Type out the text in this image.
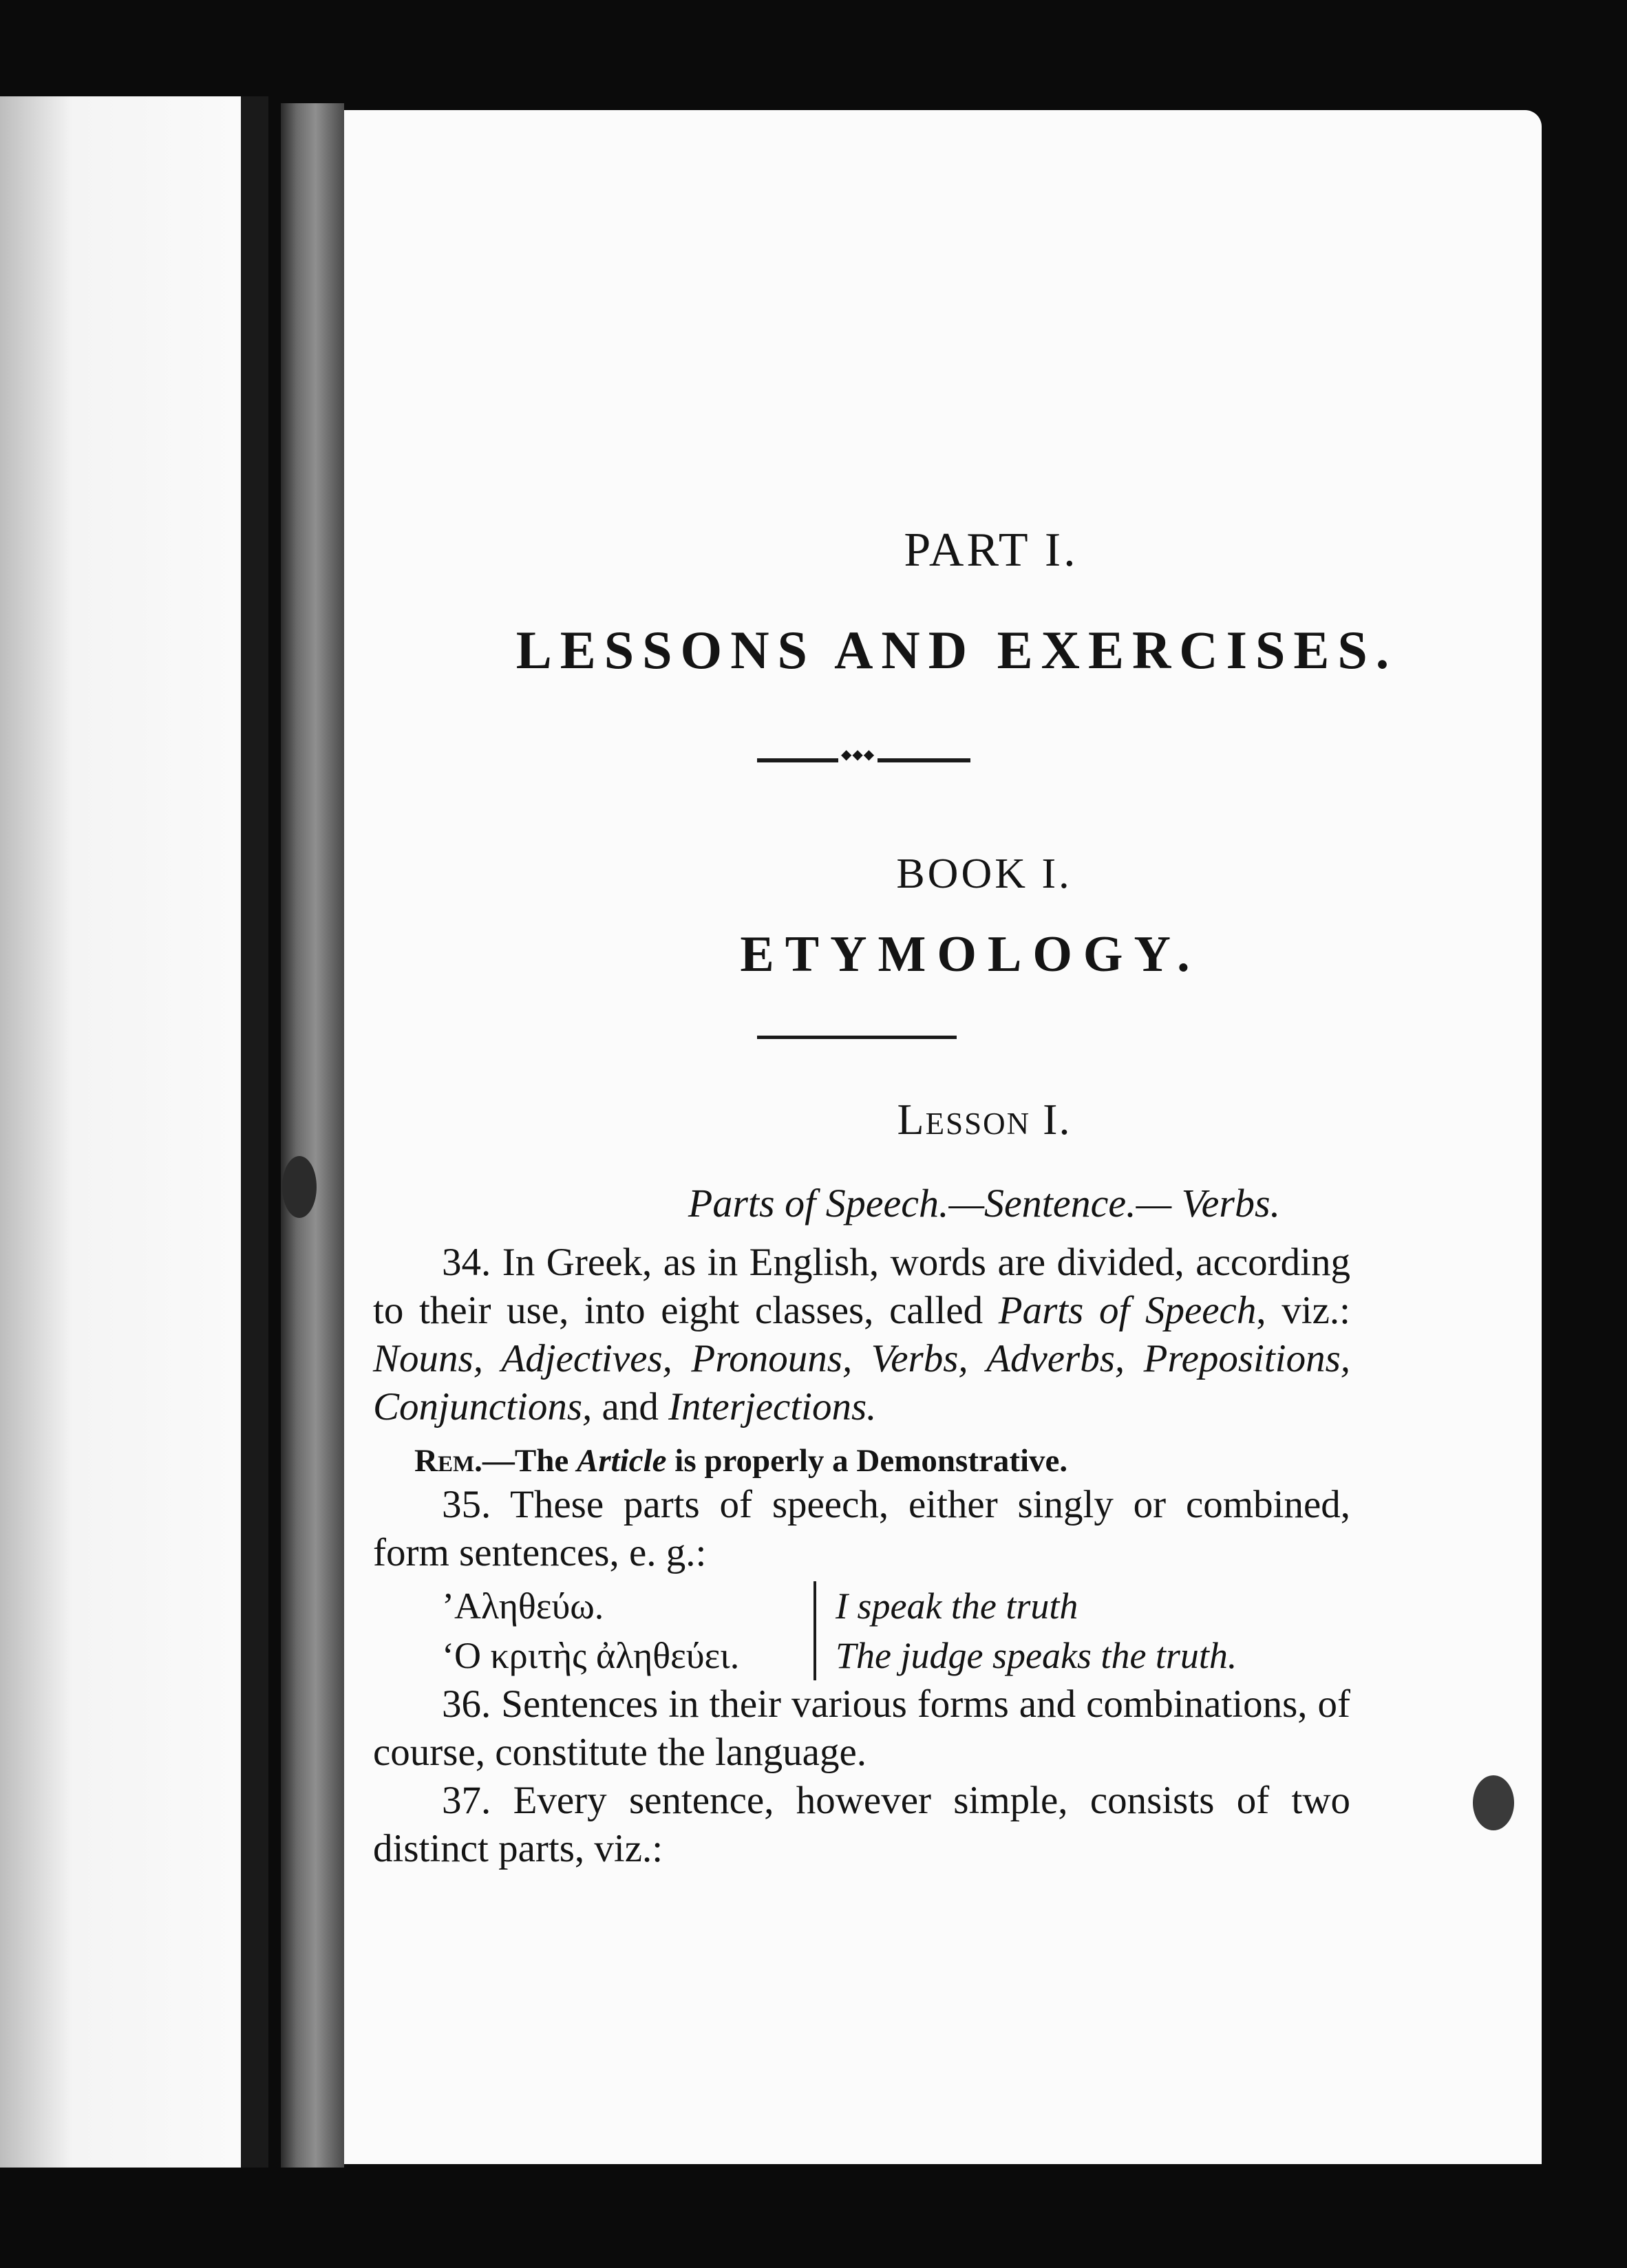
PART I.
LESSONS AND EXERCISES.
◆◆◆
BOOK I.
ETYMOLOGY.
Lesson I.
Parts of Speech.—Sentence.— Verbs.

34. In Greek, as in English, words are divided, according to their use, into eight classes, called Parts of Speech, viz.: Nouns, Adjectives, Pronouns, Verbs, Adverbs, Prepositions, Conjunctions, and Interjections.

Rem.—The Article is properly a Demonstrative.

35. These parts of speech, either singly or combined, form sentences, e. g.:

’Αληθεύω.
‘Ο κριτὴς ἀληθεύει.
I speak the truth
The judge speaks the truth.

36. Sentences in their various forms and combinations, of course, constitute the language.

37. Every sentence, however simple, consists of two distinct parts, viz.:
